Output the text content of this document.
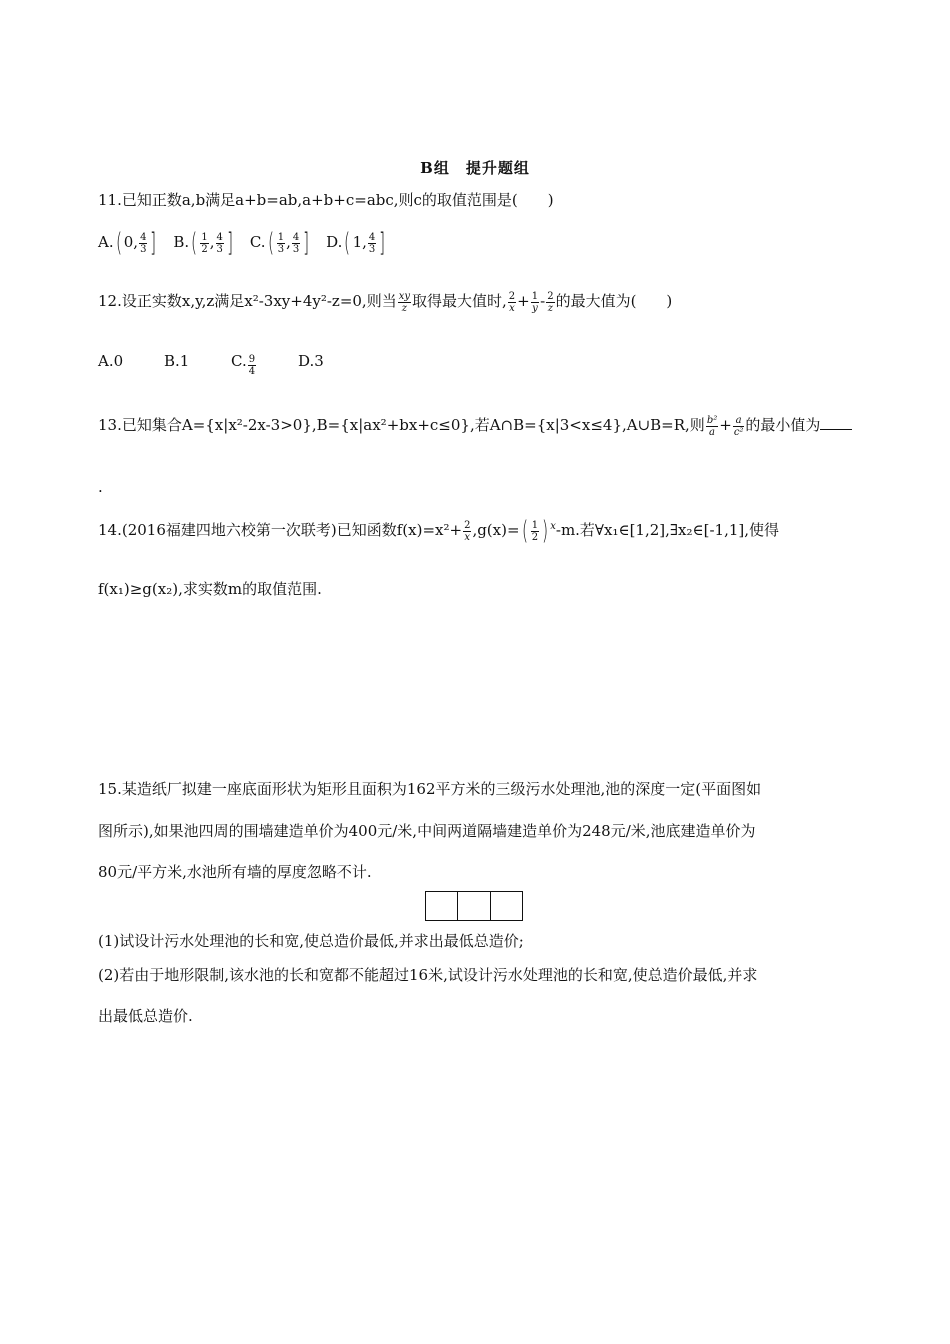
B组　提升题组
11.已知正数a,b满足a+b=ab,a+b+c=abc,则c的取值范围是(　　)
A.( 0, $\frac{4}{3}$ ] $B.( \frac{1}{2}$ , $\frac{4}{3}$ ] $C.( \frac{1}{3}$ , $\frac{4}{3}$ ] D.( 1, $\frac{4}{3}$ ]
12.设正实数x,y,z满足x²-3xy+4y²-z=0,则当 $\frac{xy}{z}$ 取得最大值时, $\frac{2}{x} + \frac{1}{y} - \frac{2}{z}$ 的最大值为(　　)
A.0	B.1	C. $\frac{9}{4}$	D.3
13.已知集合A={x|x²-2x-3>0},B={x|ax²+bx+c≤0},若A∩B={x|3<x≤4},A∪B=R,则 $\frac{\text{b²}}{a} + \frac{a}{\text{c²}}$ 的最小值为
.
14.(2016福建四地六校第一次联考)已知函数$f(x)=x^2+ \frac{2}{x} ,g(x)=( \frac{1}{2}$ ) $^x$-m.若∀x₁∈[1,2],∃x₂∈[-1,1],使得
f(x₁)≥g(x₂),求实数m的取值范围.
15.某造纸厂拟建一座底面形状为矩形且面积为162平方米的三级污水处理池,池的深度一定(平面图如
图所示),如果池四周的围墙建造单价为400元/米,中间两道隔墙建造单价为248元/米,池底建造单价为
80元/平方米,水池所有墙的厚度忽略不计.
(1)试设计污水处理池的长和宽,使总造价最低,并求出最低总造价;
(2)若由于地形限制,该水池的长和宽都不能超过16米,试设计污水处理池的长和宽,使总造价最低,并求
出最低总造价.
